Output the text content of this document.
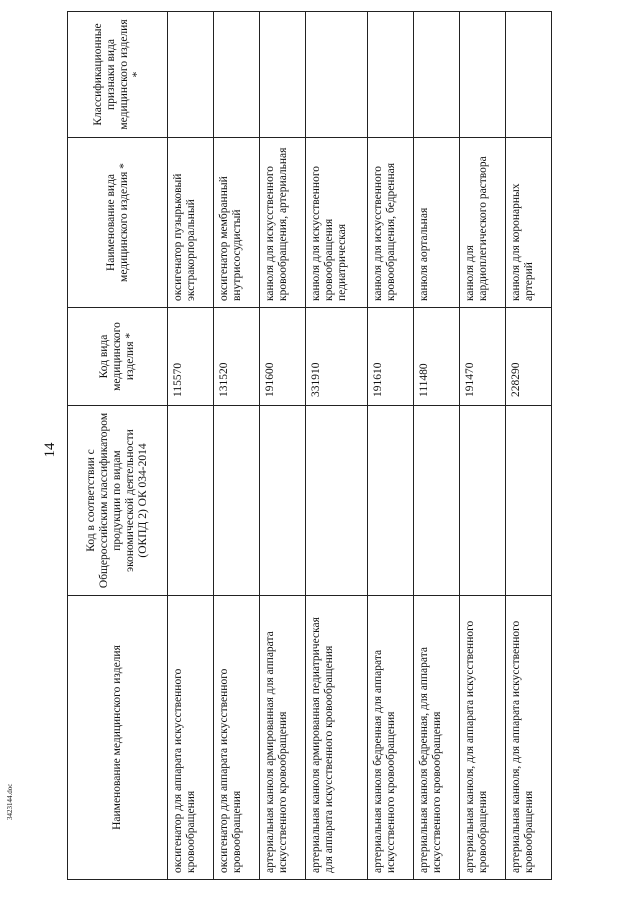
14
3423144.doc	Наименование медицинского изделия	Код в соответствии с Общероссийским классификатором продукции по видам экономической деятельности (ОКПД 2) ОК 034-2014	Код вида медицинского изделия *	Наименование вида медицинского изделия *	Классификационные признаки вида медицинского изделия *
оксигенатор для аппарата искусственного кровообращения		115570	оксигенатор пузырьковый экстракорпоральный	
оксигенатор для аппарата искусственного кровообращения		131520	оксигенатор мембранный внутрисосудистый	
артериальная канюля армированная для аппарата искусственного кровообращения		191600	канюля для искусственного кровообращения, артериальная	
артериальная канюля армированная педиатрическая для аппарата искусственного кровообращения		331910	канюля для искусственного кровообращения педиатрическая	
артериальная канюля бедренная для аппарата искусственного кровообращения		191610	канюля для искусственного кровообращения, бедренная	
артериальная канюля бедренная, для аппарата искусственного кровообращения		111480	канюля аортальная	
артериальная канюля, для аппарата искусственного кровообращения		191470	канюля для кардиоплегического раствора	
артериальная канюля, для аппарата искусственного кровообращения		228290	канюля для коронарных артерий	
